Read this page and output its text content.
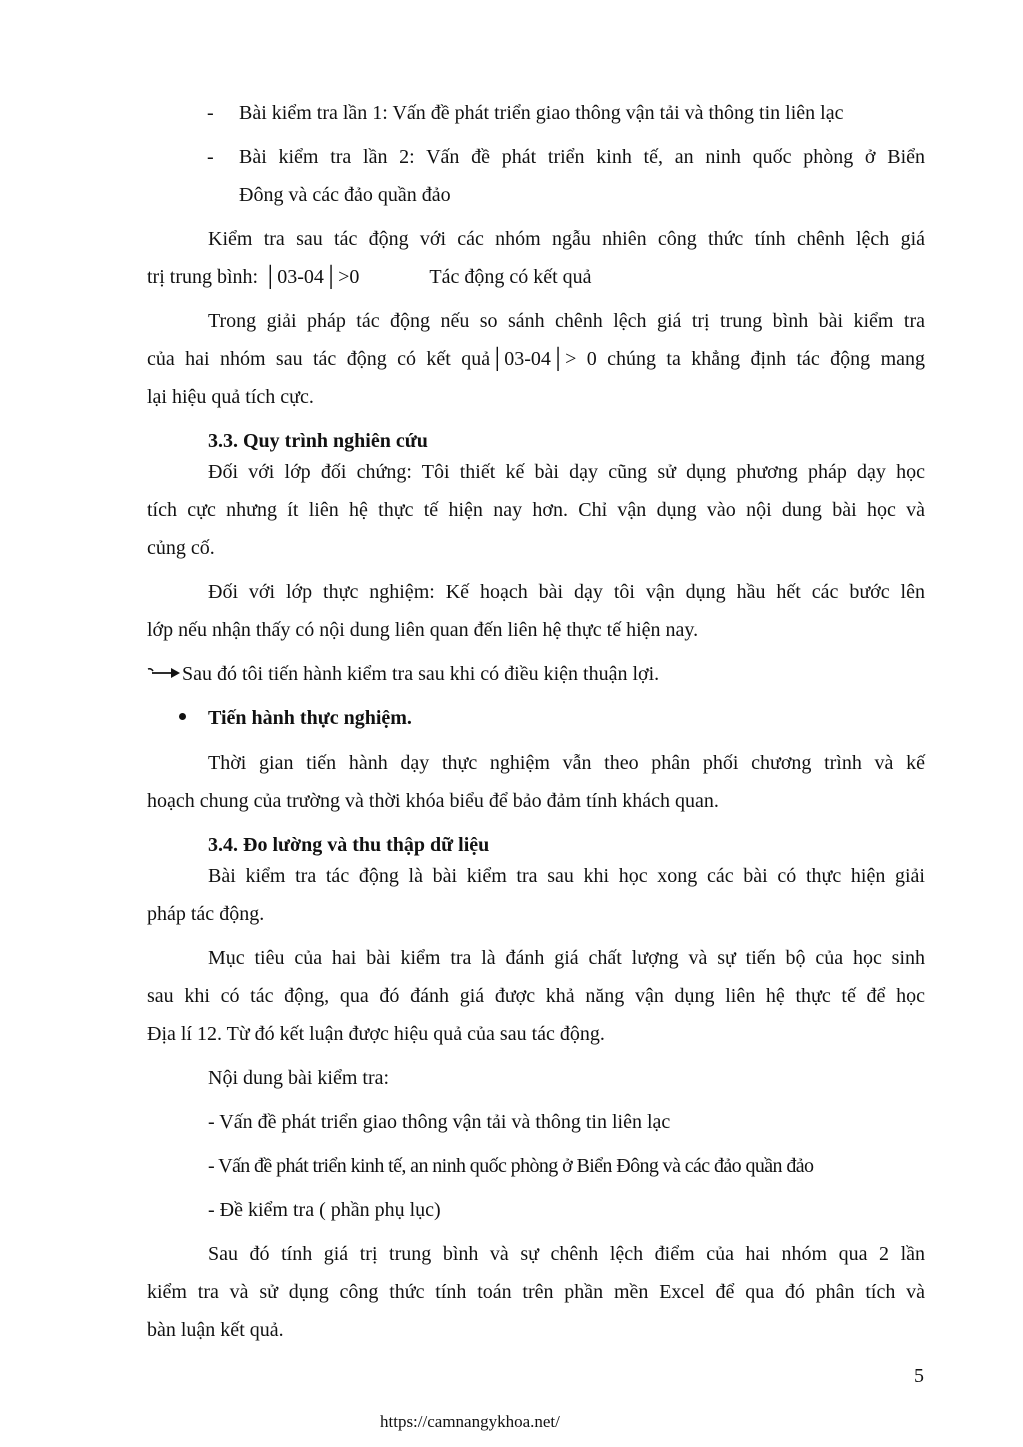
- Bài kiểm tra lần 1: Vấn đề phát triển giao thông vận tải và thông tin liên lạc
- Bài kiểm tra lần 2: Vấn đề phát triển kinh tế, an ninh quốc phòng ở Biển
Đông và các đảo quần đảo
Kiểm tra sau tác động với các nhóm ngẫu nhiên công thức tính chênh lệch giá
trị trung bình: │03-04│>0	Tác động có kết quả
Trong giải pháp tác động nếu so sánh chênh lệch giá trị trung bình bài kiểm tra
của hai nhóm sau tác động có kết quả│03-04│> 0 chúng ta khẳng định tác động mang
lại hiệu quả tích cực.
3.3. Quy trình nghiên cứu
Đối với lớp đối chứng: Tôi thiết kế bài dạy cũng sử dụng phương pháp dạy học
tích cực nhưng ít liên hệ thực tế hiện nay hơn. Chỉ vận dụng vào nội dung bài học và
củng cố.
Đối với lớp thực nghiệm: Kế hoạch bài dạy tôi vận dụng hầu hết các bước lên
lớp nếu nhận thấy có nội dung liên quan đến liên hệ thực tế hiện nay.
Sau đó tôi tiến hành kiểm tra sau khi có điều kiện thuận lợi.
Tiến hành thực nghiệm.
Thời gian tiến hành dạy thực nghiệm vẫn theo phân phối chương trình và kế
hoạch chung của trường và thời khóa biểu để bảo đảm tính khách quan.
3.4. Đo lường và thu thập dữ liệu
Bài kiểm tra tác động là bài kiểm tra sau khi học xong các bài có thực hiện giải
pháp tác động.
Mục tiêu của hai bài kiểm tra là đánh giá chất lượng và sự tiến bộ của học sinh
sau khi có tác động, qua đó đánh giá được khả năng vận dụng liên hệ thực tế để học
Địa lí 12. Từ đó kết luận được hiệu quả của sau tác động.
Nội dung bài kiểm tra:
- Vấn đề phát triển giao thông vận tải và thông tin liên lạc
- Vấn đề phát triển kinh tế, an ninh quốc phòng ở Biển Đông và các đảo quần đảo
- Đề kiểm tra ( phần phụ lục)
Sau đó tính giá trị trung bình và sự chênh lệch điểm của hai nhóm qua 2 lần
kiểm tra và sử dụng công thức tính toán trên phần mền Excel để qua đó phân tích và
bàn luận kết quả.
5
https://camnangykhoa.net/
